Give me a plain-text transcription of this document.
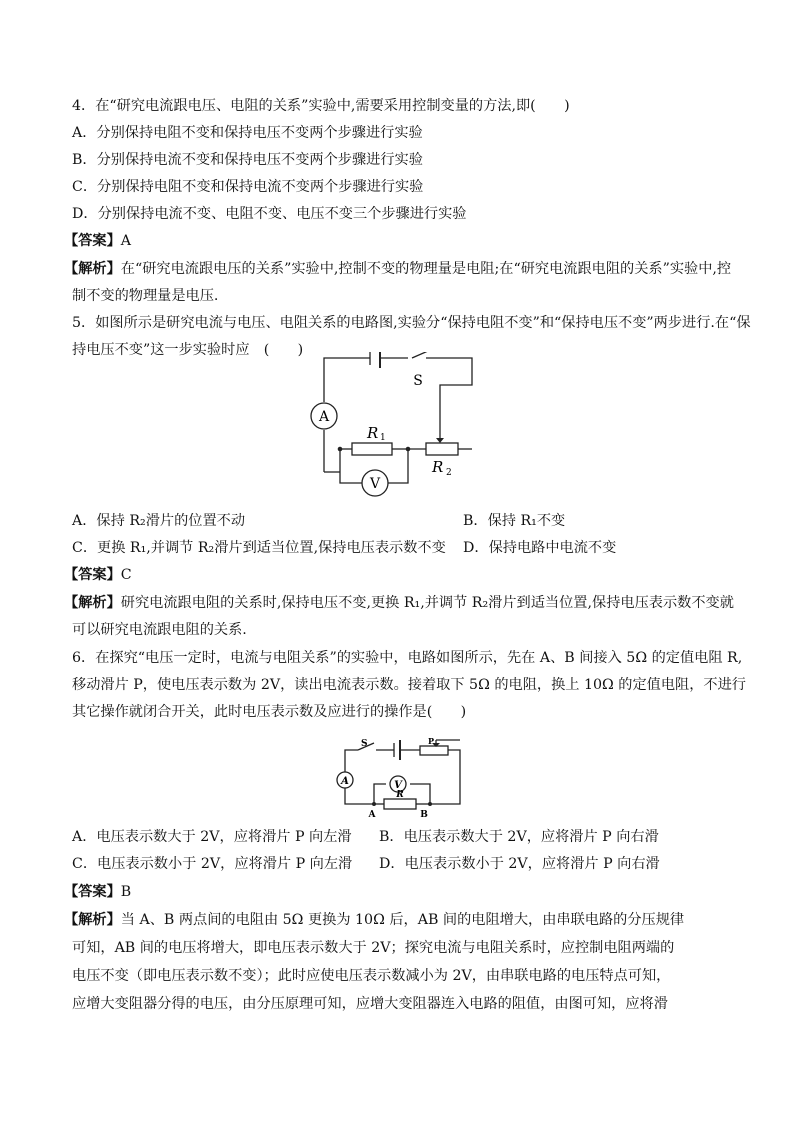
4．在“研究电流跟电压、电阻的关系”实验中,需要采用控制变量的方法,即(　　)
A．分别保持电阻不变和保持电压不变两个步骤进行实验
B．分别保持电流不变和保持电压不变两个步骤进行实验
C．分别保持电阻不变和保持电流不变两个步骤进行实验
D．分别保持电流不变、电阻不变、电压不变三个步骤进行实验
【答案】A
【解析】在“研究电流跟电压的关系”实验中,控制不变的物理量是电阻;在“研究电流跟电阻的关系”实验中,控
制不变的物理量是电压.
5．如图所示是研究电流与电压、电阻关系的电路图,实验分“保持电阻不变”和“保持电压不变”两步进行.在“保
持电压不变”这一步实验时应　(　　)
A
V
S
R 1
R 2
A．保持 R₂滑片的位置不动	B．保持 R₁不变
C．更换 R₁,并调节 R₂滑片到适当位置,保持电压表示数不变 D．保持电路中电流不变
【答案】C
【解析】研究电流跟电阻的关系时,保持电压不变,更换 R₁,并调节 R₂滑片到适当位置,保持电压表示数不变就
可以研究电流跟电阻的关系.
6．在探究“电压一定时，电流与电阻关系”的实验中，电路如图所示，先在 A、B 间接入 5Ω 的定值电阻 R,
移动滑片 P，使电压表示数为 2V，读出电流表示数。接着取下 5Ω 的电阻，换上 10Ω 的定值电阻，不进行
其它操作就闭合开关，此时电压表示数及应进行的操作是(　　)
S	P
A	V
R
A	B
A．电压表示数大于 2V，应将滑片 P 向左滑 B．电压表示数大于 2V，应将滑片 P 向右滑
C．电压表示数小于 2V，应将滑片 P 向左滑 D．电压表示数小于 2V，应将滑片 P 向右滑
【答案】B
【解析】当 A、B 两点间的电阻由 5Ω 更换为 10Ω 后，AB 间的电阻增大，由串联电路的分压规律
可知，AB 间的电压将增大，即电压表示数大于 2V；探究电流与电阻关系时，应控制电阻两端的
电压不变（即电压表示数不变）；此时应使电压表示数减小为 2V，由串联电路的电压特点可知，
应增大变阻器分得的电压，由分压原理可知，应增大变阻器连入电路的阻值，由图可知，应将滑
